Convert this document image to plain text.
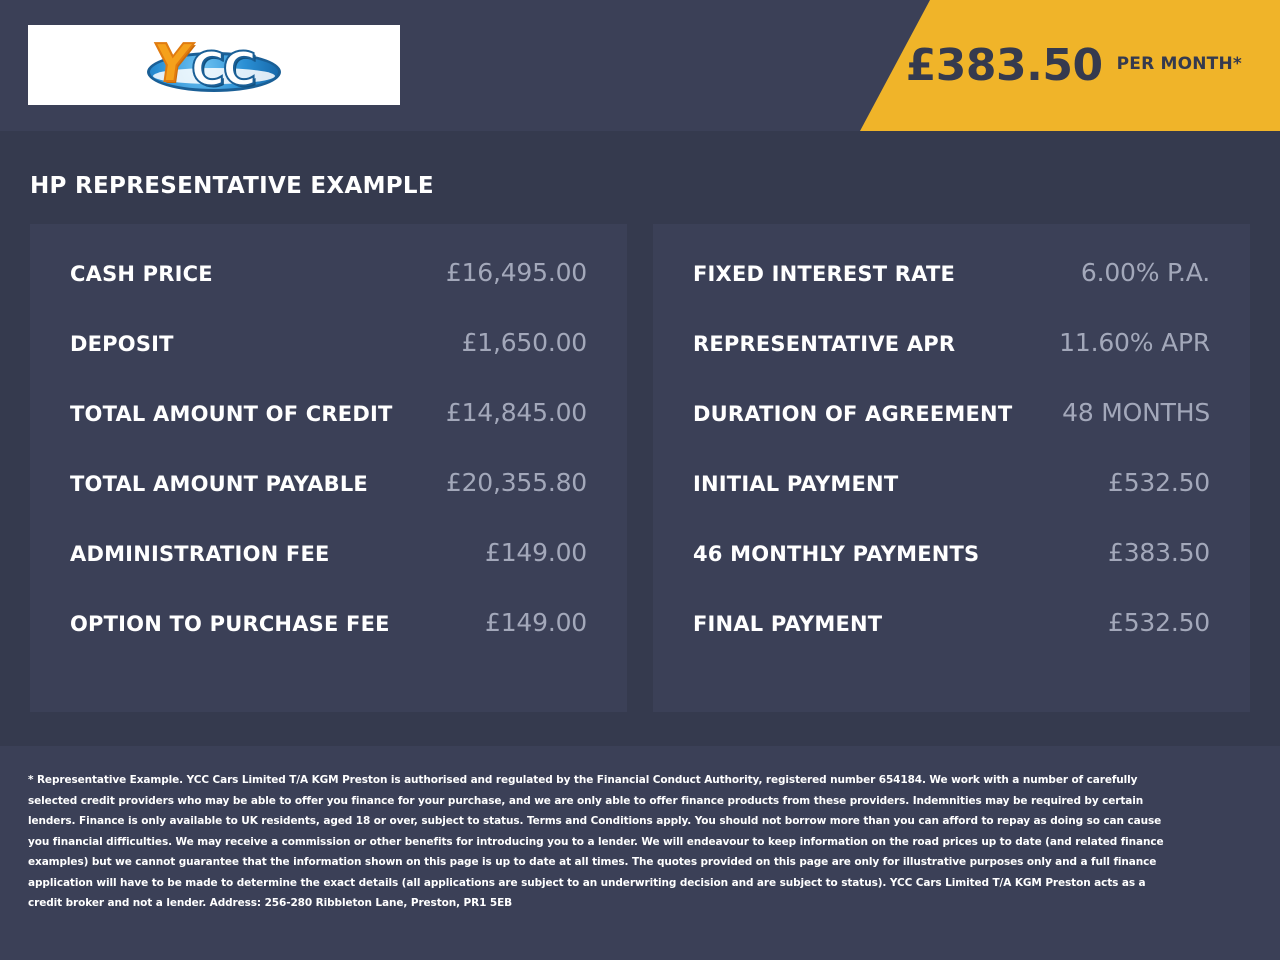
Y
CC	£383.50 PER MONTH*
HP REPRESENTATIVE EXAMPLE
CASH PRICE	£16,495.00
DEPOSIT	£1,650.00
TOTAL AMOUNT OF CREDIT £14,845.00
TOTAL AMOUNT PAYABLE	£20,355.80
ADMINISTRATION FEE	£149.00
OPTION TO PURCHASE FEE	£149.00
FIXED INTEREST RATE	6.00% P.A.
REPRESENTATIVE APR	11.60% APR
DURATION OF AGREEMENT 48 MONTHS
INITIAL PAYMENT	£532.50
46 MONTHLY PAYMENTS	£383.50
FINAL PAYMENT	£532.50

* Representative Example. YCC Cars Limited T/A KGM Preston is authorised and regulated by the Financial Conduct Authority, registered number 654184. We work with a number of carefully selected credit providers who may be able to offer you finance for your purchase, and we are only able to offer finance products from these providers. Indemnities may be required by certain lenders. Finance is only available to UK residents, aged 18 or over, subject to status. Terms and Conditions apply. You should not borrow more than you can afford to repay as doing so can cause you financial difficulties. We may receive a commission or other benefits for introducing you to a lender. We will endeavour to keep information on the road prices up to date (and related finance examples) but we cannot guarantee that the information shown on this page is up to date at all times. The quotes provided on this page are only for illustrative purposes only and a full finance application will have to be made to determine the exact details (all applications are subject to an underwriting decision and are subject to status). YCC Cars Limited T/A KGM Preston acts as a credit broker and not a lender. Address: 256-280 Ribbleton Lane, Preston, PR1 5EB
